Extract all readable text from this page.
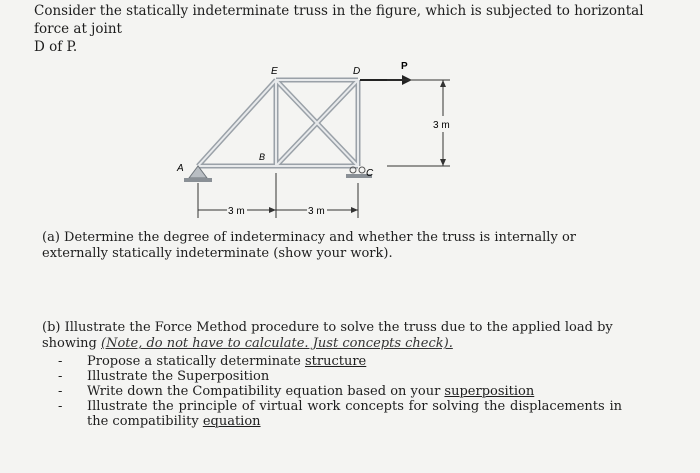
Consider the statically indeterminate truss in the figure, which is subjected to horizontal force at joint
D of P.
A
E	D
B
C
P
3 m
3 m	3 m
(a) Determine the degree of indeterminacy and whether the truss is internally or externally statically indeterminate (show your work).
(b) Illustrate the Force Method procedure to solve the truss due to the applied load by showing (Note, do not have to calculate. Just concepts check).
- Propose a statically determinate structure
- Illustrate the Superposition
- Write down the Compatibility equation based on your superposition
- Illustrate the principle of virtual work concepts for solving the displacements in the compatibility equation
